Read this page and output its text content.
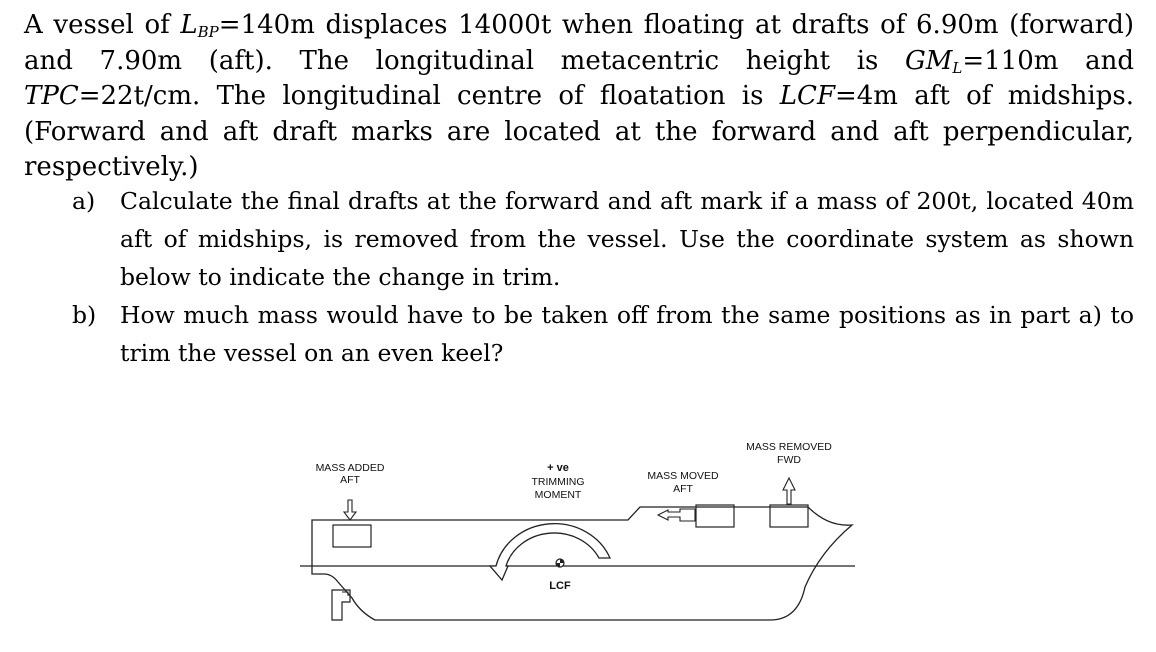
A vessel of $L_{BP}=140m$ displaces 14000t when floating at drafts of 6.90m (forward) and 7.90m (aft). The longitudinal metacentric height is $GM_L=110m$ and TPC=22t/cm. The longitudinal centre of floatation is LCF=4m aft of midships. (Forward and aft draft marks are located at the forward and aft perpendicular, respectively.)
a) Calculate the final drafts at the forward and aft mark if a mass of 200t, located 40m aft of midships, is removed from the vessel. Use the coordinate system as shown below to indicate the change in trim.
b) How much mass would have to be taken off from the same positions as in part a) to trim the vessel on an even keel?
MASS ADDED
AFT
+ ve
TRIMMING
MOMENT
LCF
MASS MOVED
AFT
MASS REMOVED
FWD
